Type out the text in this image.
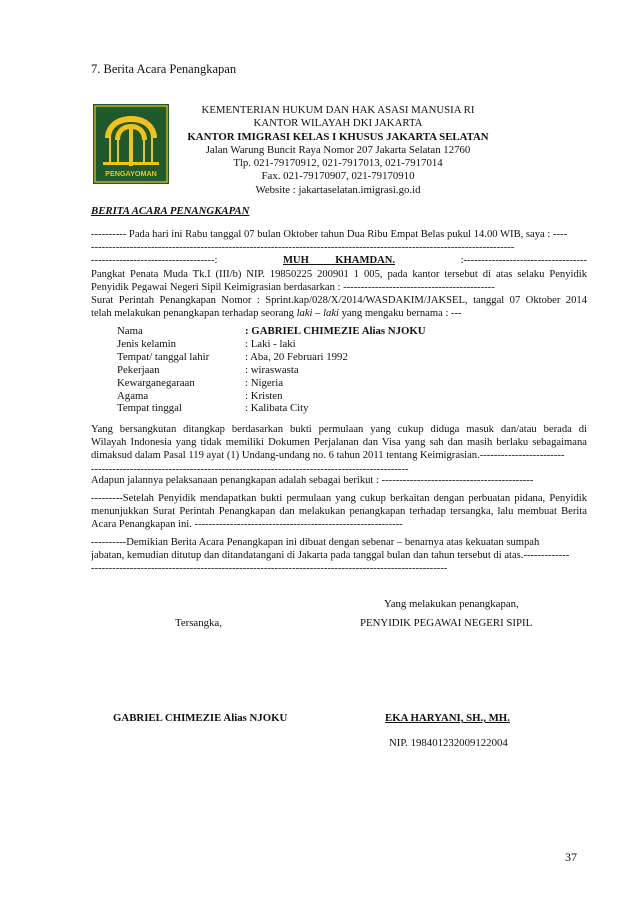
7. Berita Acara Penangkapan
PENGAYOMAN
KEMENTERIAN HUKUM DAN HAK ASASI MANUSIA RI
KANTOR WILAYAH DKI JAKARTA
KANTOR IMIGRASI KELAS I KHUSUS JAKARTA SELATAN
Jalan Warung Buncit Raya Nomor 207 Jakarta Selatan 12760
Tlp. 021-79170912, 021-7917013, 021-7917014
Fax. 021-79170907, 021-79170910
Website : jakartaselatan.imigrasi.go.id
BERITA ACARA PENANGKAPAN
---------- Pada hari ini Rabu tanggal 07 bulan Oktober tahun Dua Ribu Empat Belas pukul 14.00 WIB, saya : ----
------------------------------------------------------------------------------------------------------------------------
-----------------------------------:	MUH          KHAMDAN.	:-----------------------------------
Pangkat Penata Muda Tk.I (III/b) NIP. 19850225 200901 1 005, pada kantor tersebut di atas selaku Penyidik
Penyidik Pegawai Negeri Sipil Keimigrasian berdasarkan : -------------------------------------------
Surat Perintah Penangkapan Nomor : Sprint.kap/028/X/2014/WASDAKIM/JAKSEL, tanggal 07 Oktober 2014
telah melakukan penangkapan terhadap seorang laki – laki yang mengaku bernama : ---
Nama	: GABRIEL CHIMEZIE Alias NJOKU
Jenis kelamin	: Laki - laki
Tempat/ tanggal lahir	: Aba, 20 Februari 1992
Pekerjaan	: wiraswasta
Kewarganegaraan	: Nigeria
Agama	: Kristen
Tempat tinggal	: Kalibata City
Yang bersangkutan ditangkap berdasarkan bukti permulaan yang cukup diduga masuk dan/atau berada di
Wilayah Indonesia yang tidak memiliki Dokumen Perjalanan dan Visa yang sah dan masih berlaku sebagaimana
dimaksud dalam Pasal 119 ayat (1) Undang-undang no. 6 tahun 2011 tentang Keimigrasian.------------------------
------------------------------------------------------------------------------------------
Adapun jalannya pelaksanaan penangkapan adalah sebagai berikut : -------------------------------------------
---------Setelah Penyidik mendapatkan bukti permulaan yang cukup berkaitan dengan perbuatan pidana, Penyidik
menunjukkan Surat Perintah Penangkapan dan melakukan penangkapan terhadap tersangka, lalu membuat Berita
Acara Penangkapan ini. -----------------------------------------------------------
----------Demikian Berita Acara Penangkapan ini dibuat dengan sebenar – benarnya atas kekuatan sumpah
jabatan, kemudian ditutup dan ditandatangani di Jakarta pada tanggal bulan dan tahun tersebut di atas.-------------
-----------------------------------------------------------------------------------------------------
Yang melakukan penangkapan,
Tersangka,	PENYIDIK PEGAWAI NEGERI SIPIL
GABRIEL CHIMEZIE Alias NJOKU	EKA HARYANI, SH., MH.
NIP. 198401232009122004
37
